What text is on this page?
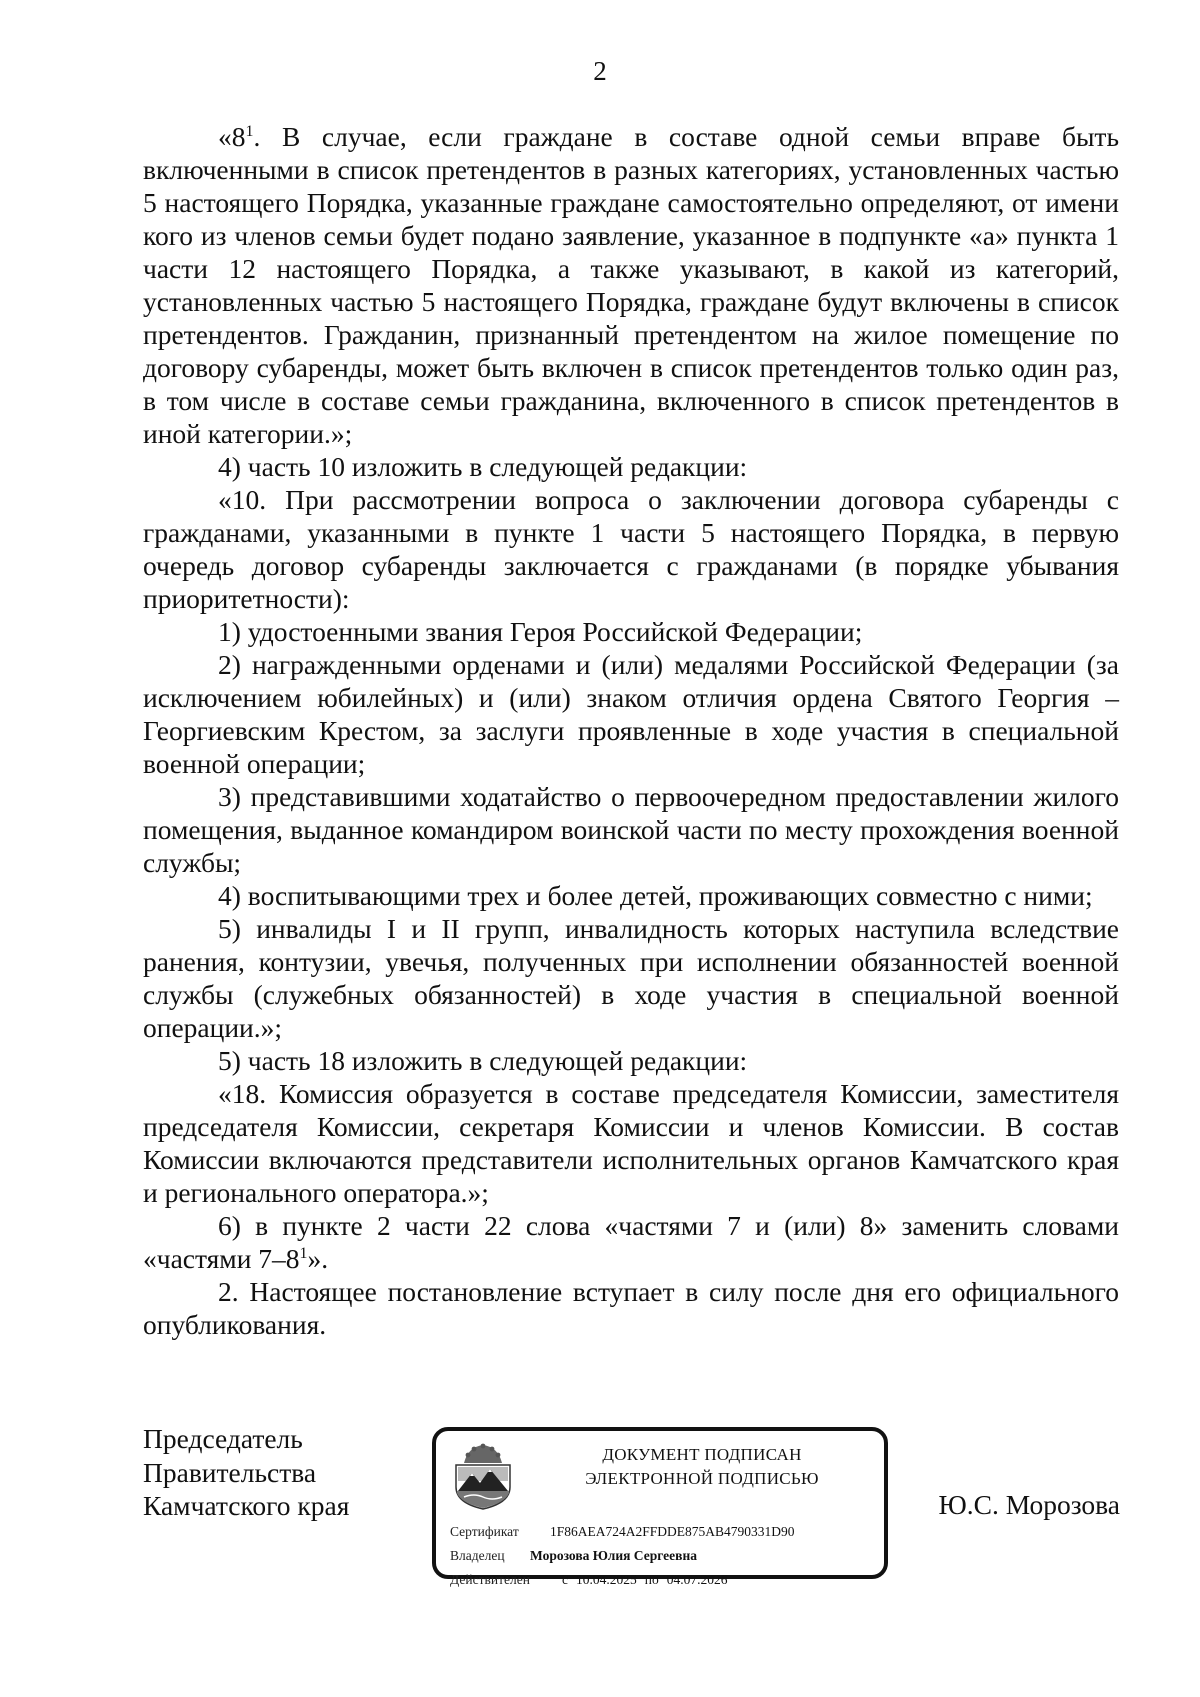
2

«$8^1$. В случае, если граждане в составе одной семьи вправе быть включенными в список претендентов в разных категориях, установленных частью 5 настоящего Порядка, указанные граждане самостоятельно определяют, от имени кого из членов семьи будет подано заявление, указанное в подпункте «а» пункта 1 части 12 настоящего Порядка, а также указывают, в какой из категорий, установленных частью 5 настоящего Порядка, граждане будут включены в список претендентов. Гражданин, признанный претендентом на жилое помещение по договору субаренды, может быть включен в список претендентов только один раз, в том числе в составе семьи гражданина, включенного в список претендентов в иной категории.»;

4) часть 10 изложить в следующей редакции:

«10. При рассмотрении вопроса о заключении договора субаренды с гражданами, указанными в пункте 1 части 5 настоящего Порядка, в первую очередь договор субаренды заключается с гражданами (в порядке убывания приоритетности):

1) удостоенными звания Героя Российской Федерации;

2) награжденными орденами и (или) медалями Российской Федерации (за исключением юбилейных) и (или) знаком отличия ордена Святого Георгия – Георгиевским Крестом, за заслуги проявленные в ходе участия в специальной военной операции;

3) представившими ходатайство о первоочередном предоставлении жилого помещения, выданное командиром воинской части по месту прохождения военной службы;

4) воспитывающими трех и более детей, проживающих совместно с ними;

5) инвалиды I и II групп, инвалидность которых наступила вследствие ранения, контузии, увечья, полученных при исполнении обязанностей военной службы (служебных обязанностей) в ходе участия в специальной военной операции.»;

5) часть 18 изложить в следующей редакции:

«18. Комиссия образуется в составе председателя Комиссии, заместителя председателя Комиссии, секретаря Комиссии и членов Комиссии. В состав Комиссии включаются представители исполнительных органов Камчатского края и регионального оператора.»;

6) в пункте 2 части 22 слова «частями 7 и (или) 8» заменить словами «частями $7-8^1$».

2. Настоящее постановление вступает в силу после дня его официального опубликования.

Председатель
Правительства
Камчатского края
ДОКУМЕНТ ПОДПИСАН
ЭЛЕКТРОННОЙ ПОДПИСЬЮ
Сертификат 1F86AEA724A2FFDDE875AB4790331D90
Владелец Морозова Юлия Сергеевна
Действителен с 10.04.2025 по 04.07.2026
Ю.С. Морозова
